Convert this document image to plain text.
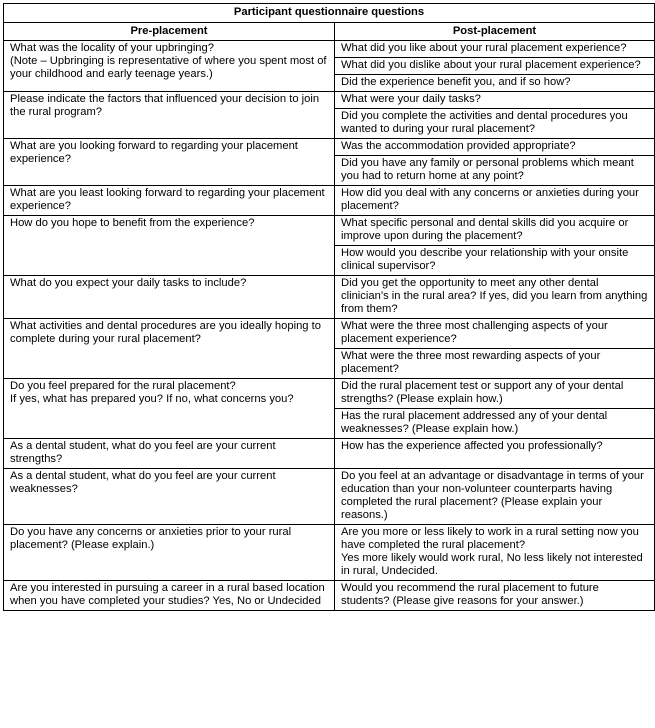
Participant questionnaire questions	
Pre-placement	Post-placement
What was the locality of your upbringing?
(Note – Upbringing is representative of where you spent most of your childhood and early teenage years.)	What did you like about your rural placement experience?
	What did you dislike about your rural placement experience?
	Did the experience benefit you, and if so how?
Please indicate the factors that influenced your decision to join the rural program?	What were your daily tasks?
	Did you complete the activities and dental procedures you wanted to during your rural placement?
What are you looking forward to regarding your placement experience?	Was the accommodation provided appropriate?
	Did you have any family or personal problems which meant you had to return home at any point?
What are you least looking forward to regarding your placement experience?	How did you deal with any concerns or anxieties during your placement?
How do you hope to benefit from the experience?	What specific personal and dental skills did you acquire or improve upon during the placement?
	How would you describe your relationship with your onsite clinical supervisor?
What do you expect your daily tasks to include?	Did you get the opportunity to meet any other dental clinician’s in the rural area? If yes, did you learn from anything from them?
What activities and dental procedures are you ideally hoping to complete during your rural placement?	What were the three most challenging aspects of your placement experience?
	What were the three most rewarding aspects of your placement?
Do you feel prepared for the rural placement?
If yes, what has prepared you? If no, what concerns you?	Did the rural placement test or support any of your dental strengths? (Please explain how.)
	Has the rural placement addressed any of your dental weaknesses? (Please explain how.)
As a dental student, what do you feel are your current strengths?	How has the experience affected you professionally?
As a dental student, what do you feel are your current weaknesses?	Do you feel at an advantage or disadvantage in terms of your education than your non-volunteer counterparts having completed the rural placement? (Please explain your reasons.)
Do you have any concerns or anxieties prior to your rural placement? (Please explain.)	Are you more or less likely to work in a rural setting now you have completed the rural placement?
Yes more likely would work rural, No less likely not interested in rural, Undecided.
Are you interested in pursuing a career in a rural based location when you have completed your studies? Yes, No or Undecided	Would you recommend the rural placement to future students? (Please give reasons for your answer.)
